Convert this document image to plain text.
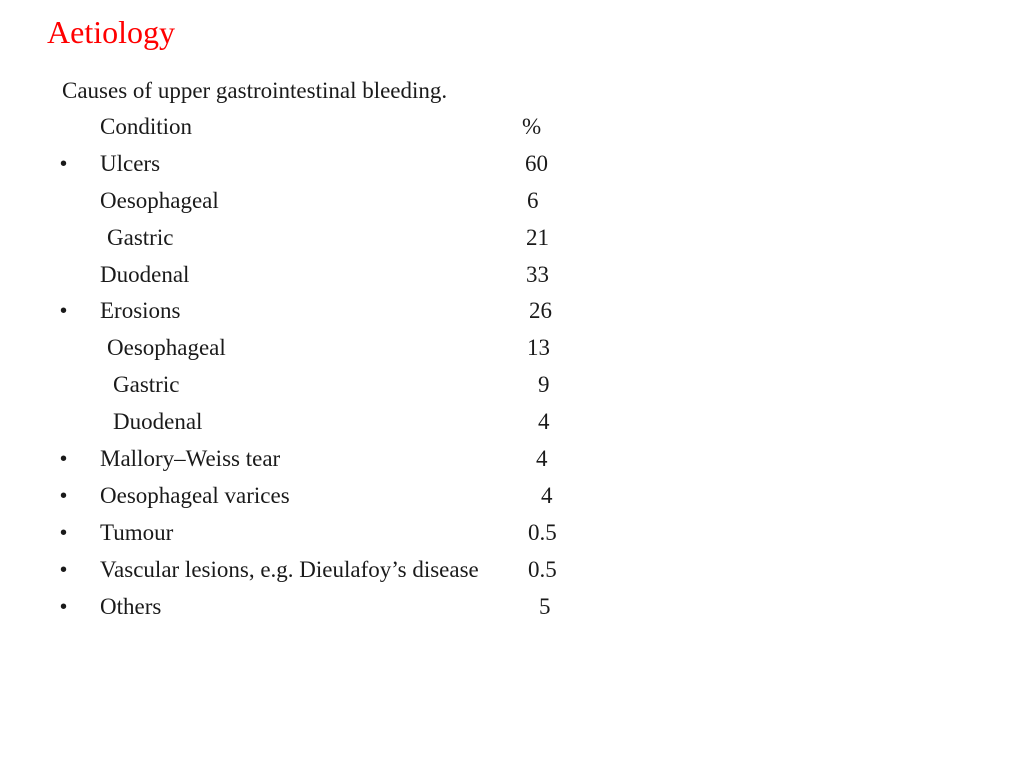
Aetiology
Causes of upper gastrointestinal bleeding.
Condition	%
• Ulcers	60
Oesophageal	6
Gastric	21
Duodenal	33
• Erosions	26
Oesophageal	13
Gastric	9
Duodenal	4
• Mallory–Weiss tear	4
• Oesophageal varices	4
• Tumour	0.5
• Vascular lesions, e.g. Dieulafoy’s disease 0.5
• Others	5
